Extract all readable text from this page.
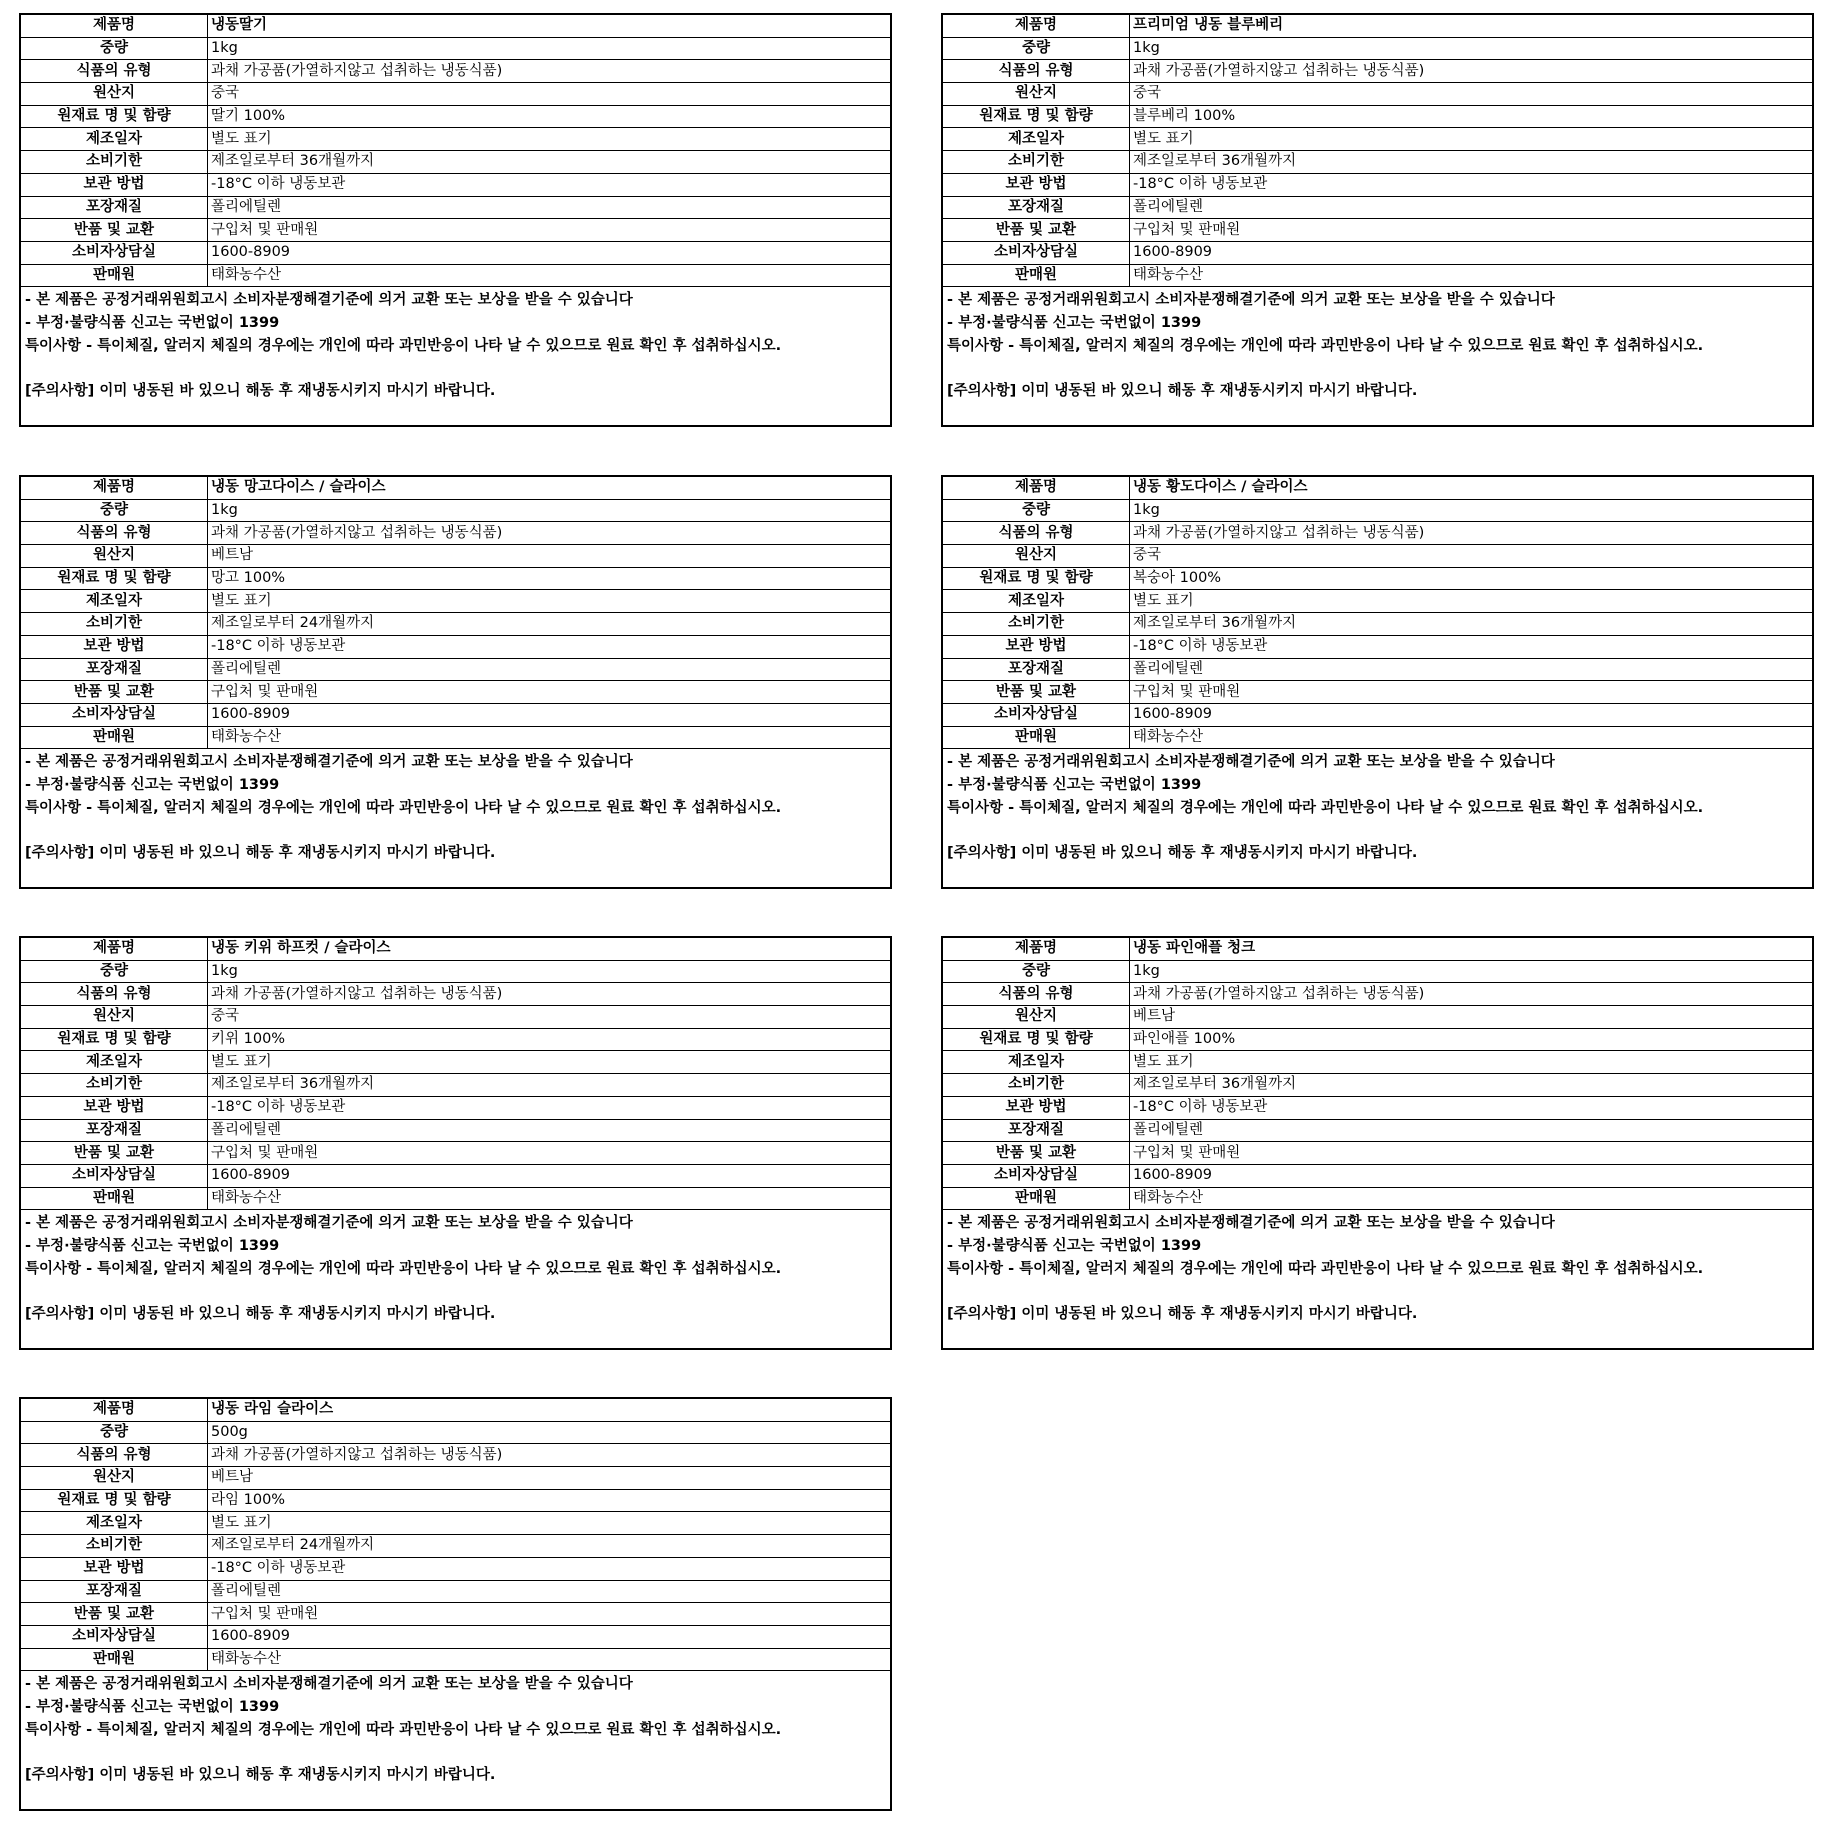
제품명	냉동딸기
중량	1kg
식품의 유형	과채 가공품(가열하지않고 섭취하는 냉동식품)
원산지	중국
원재료 명 및 함량	딸기 100%
제조일자	별도 표기
소비기한	제조일로부터 36개월까지
보관 방법	-18°C 이하 냉동보관
포장재질	폴리에틸렌
반품 및 교환	구입처 및 판매원
소비자상담실	1600-8909
판매원	태화농수산
- 본 제품은 공정거래위원회고시 소비자분쟁해결기준에 의거 교환 또는 보상을 받을 수 있습니다
- 부정·불량식품 신고는 국번없이 1399
특이사항 - 특이체질, 알러지 체질의 경우에는 개인에 따라 과민반응이 나타 날 수 있으므로 원료 확인 후 섭취하십시오.
[주의사항] 이미 냉동된 바 있으니 해동 후 재냉동시키지 마시기 바랍니다.
제품명	프리미엄 냉동 블루베리
중량	1kg
식품의 유형	과채 가공품(가열하지않고 섭취하는 냉동식품)
원산지	중국
원재료 명 및 함량	블루베리 100%
제조일자	별도 표기
소비기한	제조일로부터 36개월까지
보관 방법	-18°C 이하 냉동보관
포장재질	폴리에틸렌
반품 및 교환	구입처 및 판매원
소비자상담실	1600-8909
판매원	태화농수산
- 본 제품은 공정거래위원회고시 소비자분쟁해결기준에 의거 교환 또는 보상을 받을 수 있습니다
- 부정·불량식품 신고는 국번없이 1399
특이사항 - 특이체질, 알러지 체질의 경우에는 개인에 따라 과민반응이 나타 날 수 있으므로 원료 확인 후 섭취하십시오.
[주의사항] 이미 냉동된 바 있으니 해동 후 재냉동시키지 마시기 바랍니다.
제품명	냉동 망고다이스 / 슬라이스
중량	1kg
식품의 유형	과채 가공품(가열하지않고 섭취하는 냉동식품)
원산지	베트남
원재료 명 및 함량	망고 100%
제조일자	별도 표기
소비기한	제조일로부터 24개월까지
보관 방법	-18°C 이하 냉동보관
포장재질	폴리에틸렌
반품 및 교환	구입처 및 판매원
소비자상담실	1600-8909
판매원	태화농수산
- 본 제품은 공정거래위원회고시 소비자분쟁해결기준에 의거 교환 또는 보상을 받을 수 있습니다
- 부정·불량식품 신고는 국번없이 1399
특이사항 - 특이체질, 알러지 체질의 경우에는 개인에 따라 과민반응이 나타 날 수 있으므로 원료 확인 후 섭취하십시오.
[주의사항] 이미 냉동된 바 있으니 해동 후 재냉동시키지 마시기 바랍니다.
제품명	냉동 황도다이스 / 슬라이스
중량	1kg
식품의 유형	과채 가공품(가열하지않고 섭취하는 냉동식품)
원산지	중국
원재료 명 및 함량	복숭아 100%
제조일자	별도 표기
소비기한	제조일로부터 36개월까지
보관 방법	-18°C 이하 냉동보관
포장재질	폴리에틸렌
반품 및 교환	구입처 및 판매원
소비자상담실	1600-8909
판매원	태화농수산
- 본 제품은 공정거래위원회고시 소비자분쟁해결기준에 의거 교환 또는 보상을 받을 수 있습니다
- 부정·불량식품 신고는 국번없이 1399
특이사항 - 특이체질, 알러지 체질의 경우에는 개인에 따라 과민반응이 나타 날 수 있으므로 원료 확인 후 섭취하십시오.
[주의사항] 이미 냉동된 바 있으니 해동 후 재냉동시키지 마시기 바랍니다.
제품명	냉동 키위 하프컷 / 슬라이스
중량	1kg
식품의 유형	과채 가공품(가열하지않고 섭취하는 냉동식품)
원산지	중국
원재료 명 및 함량	키위 100%
제조일자	별도 표기
소비기한	제조일로부터 36개월까지
보관 방법	-18°C 이하 냉동보관
포장재질	폴리에틸렌
반품 및 교환	구입처 및 판매원
소비자상담실	1600-8909
판매원	태화농수산
- 본 제품은 공정거래위원회고시 소비자분쟁해결기준에 의거 교환 또는 보상을 받을 수 있습니다
- 부정·불량식품 신고는 국번없이 1399
특이사항 - 특이체질, 알러지 체질의 경우에는 개인에 따라 과민반응이 나타 날 수 있으므로 원료 확인 후 섭취하십시오.
[주의사항] 이미 냉동된 바 있으니 해동 후 재냉동시키지 마시기 바랍니다.
제품명	냉동 파인애플 청크
중량	1kg
식품의 유형	과채 가공품(가열하지않고 섭취하는 냉동식품)
원산지	베트남
원재료 명 및 함량	파인애플 100%
제조일자	별도 표기
소비기한	제조일로부터 36개월까지
보관 방법	-18°C 이하 냉동보관
포장재질	폴리에틸렌
반품 및 교환	구입처 및 판매원
소비자상담실	1600-8909
판매원	태화농수산
- 본 제품은 공정거래위원회고시 소비자분쟁해결기준에 의거 교환 또는 보상을 받을 수 있습니다
- 부정·불량식품 신고는 국번없이 1399
특이사항 - 특이체질, 알러지 체질의 경우에는 개인에 따라 과민반응이 나타 날 수 있으므로 원료 확인 후 섭취하십시오.
[주의사항] 이미 냉동된 바 있으니 해동 후 재냉동시키지 마시기 바랍니다.
제품명	냉동 라임 슬라이스
중량	500g
식품의 유형	과채 가공품(가열하지않고 섭취하는 냉동식품)
원산지	베트남
원재료 명 및 함량	라임 100%
제조일자	별도 표기
소비기한	제조일로부터 24개월까지
보관 방법	-18°C 이하 냉동보관
포장재질	폴리에틸렌
반품 및 교환	구입처 및 판매원
소비자상담실	1600-8909
판매원	태화농수산
- 본 제품은 공정거래위원회고시 소비자분쟁해결기준에 의거 교환 또는 보상을 받을 수 있습니다
- 부정·불량식품 신고는 국번없이 1399
특이사항 - 특이체질, 알러지 체질의 경우에는 개인에 따라 과민반응이 나타 날 수 있으므로 원료 확인 후 섭취하십시오.
[주의사항] 이미 냉동된 바 있으니 해동 후 재냉동시키지 마시기 바랍니다.
